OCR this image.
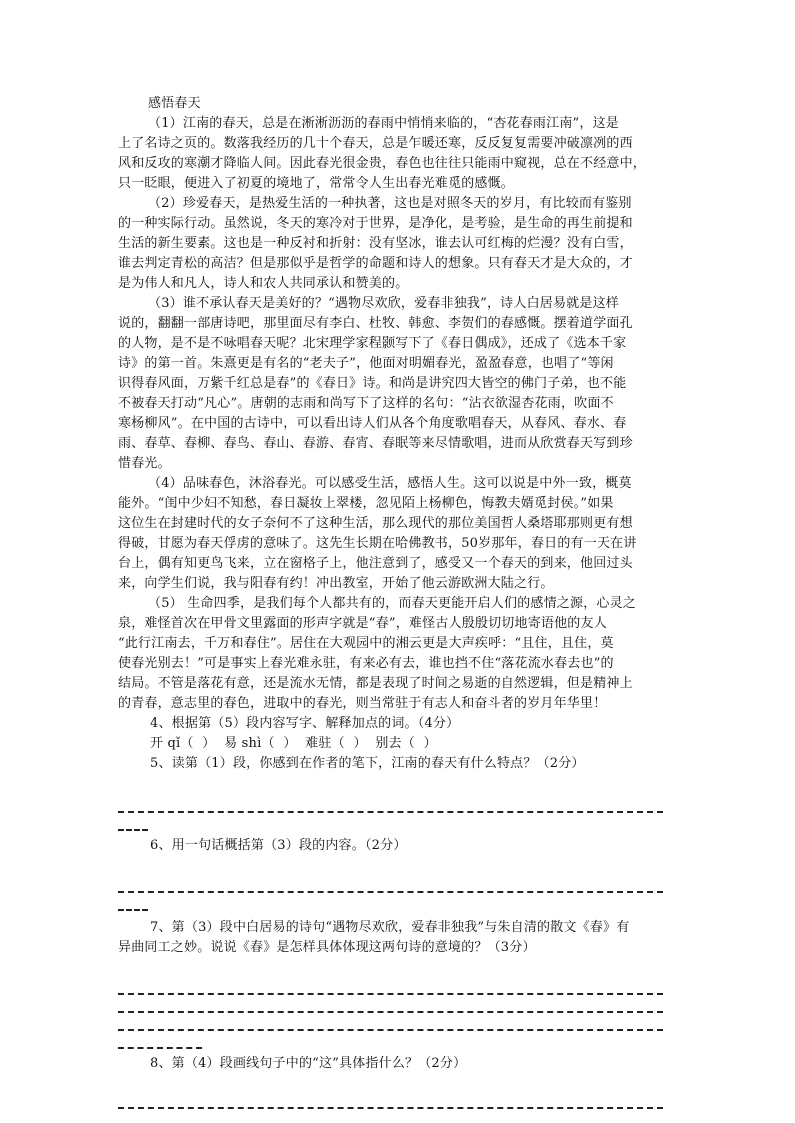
感悟春天
（1）江南的春天，总是在淅淅沥沥的春雨中悄悄来临的，“杏花春雨江南”，这是
上了名诗之页的。数落我经历的几十个春天，总是乍暖还寒，反反复复需要冲破凛冽的西
风和反攻的寒潮才降临人间。因此春光很金贵，春色也往往只能雨中窥视，总在不经意中，
只一眨眼，便进入了初夏的境地了，常常令人生出春光难觅的感慨。
（2）珍爱春天，是热爱生活的一种执著，这也是对照冬天的岁月，有比较而有鉴别
的一种实际行动。虽然说，冬天的寒冷对于世界，是净化，是考验，是生命的再生前提和
生活的新生要素。这也是一种反衬和折射：没有坚冰，谁去认可红梅的烂漫？没有白雪，
谁去判定青松的高洁？但是那似乎是哲学的命题和诗人的想象。只有春天才是大众的，才
是为伟人和凡人，诗人和农人共同承认和赞美的。
（3）谁不承认春天是美好的？“遇物尽欢欣，爱春非独我”，诗人白居易就是这样
说的，翻翻一部唐诗吧，那里面尽有李白、杜牧、韩愈、李贺们的春感慨。摆着道学面孔
的人物，是不是不咏唱春天呢？北宋理学家程颢写下了《春日偶成》，还成了《选本千家
诗》的第一首。朱熹更是有名的“老夫子”，他面对明媚春光，盈盈春意，也唱了“等闲
识得春风面，万紫千红总是春”的《春日》诗。和尚是讲究四大皆空的佛门子弟，也不能
不被春天打动“凡心”。唐朝的志雨和尚写下了这样的名句：“沾衣欲湿杏花雨，吹面不
寒杨柳风”。在中国的古诗中，可以看出诗人们从各个角度歌唱春天，从春风、春水、春
雨、春草、春柳、春鸟、春山、春游、春宵、春眠等来尽情歌唱，进而从欣赏春天写到珍
惜春光。
（4）品味春色，沐浴春光。可以感受生活，感悟人生。这可以说是中外一致，概莫
能外。“闺中少妇不知愁，春日凝妆上翠楼，忽见陌上杨柳色，悔教夫婿觅封侯。”如果
这位生在封建时代的女子奈何不了这种生活，那么现代的那位美国哲人桑塔耶那则更有想
得破，甘愿为春天俘虏的意味了。这先生长期在哈佛教书，50岁那年，春日的有一天在讲
台上，偶有知更鸟飞来，立在窗格子上，他注意到了，感受又一个春天的到来，他回过头
来，向学生们说，我与阳春有约！冲出教室，开始了他云游欧洲大陆之行。
（5） 生命四季，是我们每个人都共有的，而春天更能开启人们的感情之源，心灵之
泉，难怪首次在甲骨文里露面的形声字就是“春”，难怪古人殷殷切切地寄语他的友人
“此行江南去，千万和春住”。居住在大观园中的湘云更是大声疾呼：“且住，且住，莫
使春光别去！”可是事实上春光难永驻，有来必有去，谁也挡不住“落花流水春去也”的
结局。不管是落花有意，还是流水无情，都是表现了时间之易逝的自然逻辑，但是精神上
的青春，意志里的春色，进取中的春光，则当常驻于有志人和奋斗者的岁月年华里！
4、根据第（5）段内容写字、解释加点的词。（4分）
开 qǐ（  ）  易 shì（  ）  难驻（  ）  别去（  ）
5、读第（1）段，你感到在作者的笔下，江南的春天有什么特点？（2分）
6、用一句话概括第（3）段的内容。（2分）
7、第（3）段中白居易的诗句“遇物尽欢欣，爱春非独我”与朱自清的散文《春》有
异曲同工之妙。说说《春》是怎样具体体现这两句诗的意境的？（3分）
8、第（4）段画线句子中的“这”具体指什么？（2分）
